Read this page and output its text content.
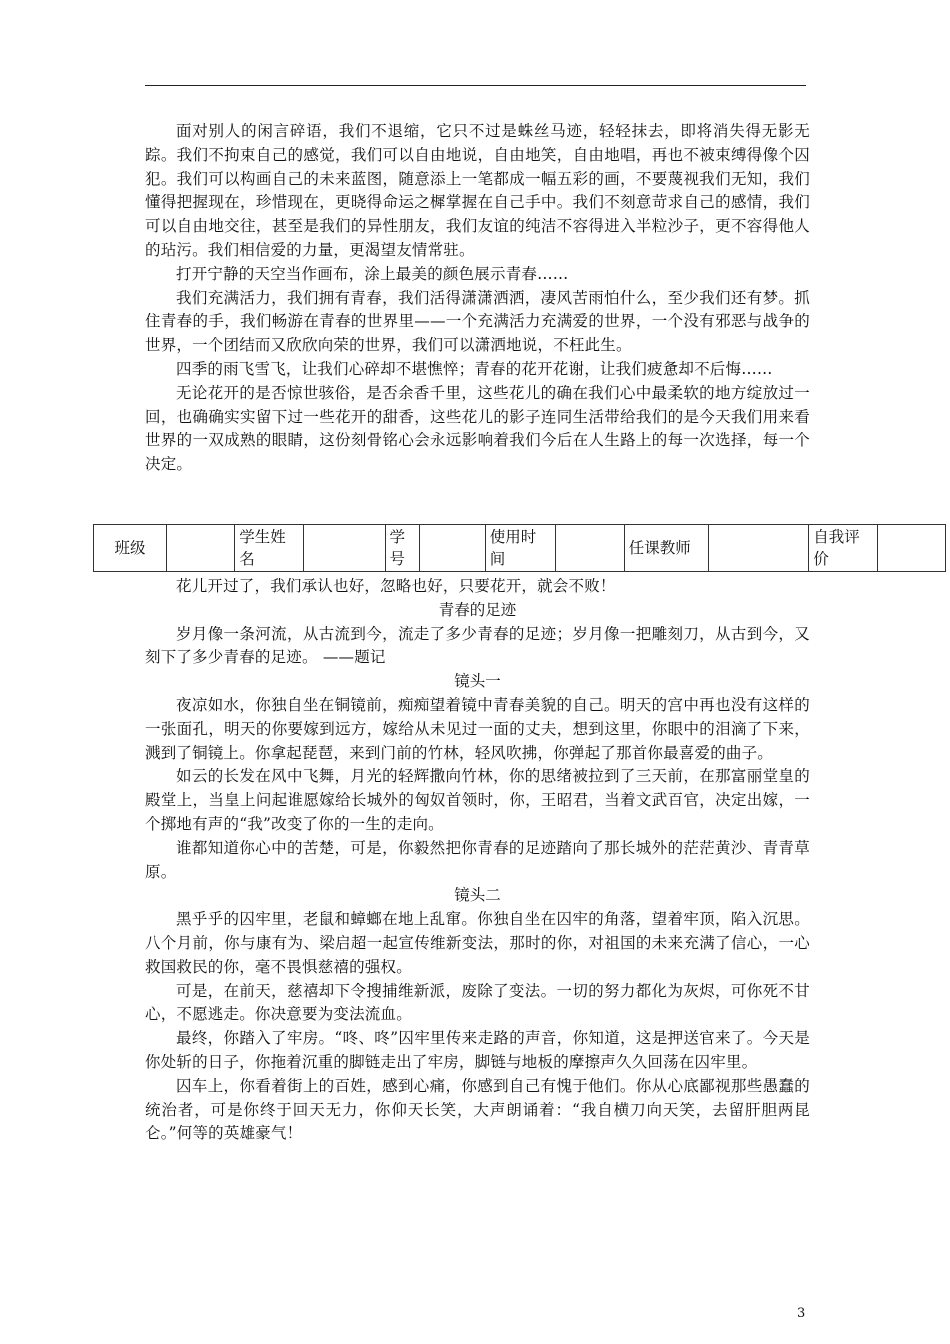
面对别人的闲言碎语，我们不退缩，它只不过是蛛丝马迹，轻轻抹去，即将消失得无影无踪。我们不拘束自己的感觉，我们可以自由地说，自由地笑，自由地唱，再也不被束缚得像个囚犯。我们可以构画自己的未来蓝图，随意添上一笔都成一幅五彩的画，不要蔑视我们无知，我们懂得把握现在，珍惜现在，更晓得命运之樨掌握在自己手中。我们不刻意苛求自己的感情，我们可以自由地交往，甚至是我们的异性朋友，我们友谊的纯洁不容得进入半粒沙子，更不容得他人的玷污。我们相信爱的力量，更渴望友情常驻。

打开宁静的天空当作画布，涂上最美的颜色展示青春……

我们充满活力，我们拥有青春，我们活得潇潇洒洒，凄风苦雨怕什么，至少我们还有梦。抓住青春的手，我们畅游在青春的世界里——一个充满活力充满爱的世界，一个没有邪恶与战争的世界，一个团结而又欣欣向荣的世界，我们可以潇洒地说，不枉此生。

四季的雨飞雪飞，让我们心碎却不堪憔悴；青春的花开花谢，让我们疲惫却不后悔……

无论花开的是否惊世骇俗，是否余香千里，这些花儿的确在我们心中最柔软的地方绽放过一回，也确确实实留下过一些花开的甜香，这些花儿的影子连同生活带给我们的是今天我们用来看世界的一双成熟的眼睛，这份刻骨铭心会永远影响着我们今后在人生路上的每一次选择，每一个决定。

班级		学生姓名		学号		使用时间		任课教师		自我评价	

花儿开过了，我们承认也好，忽略也好，只要花开，就会不败！

青春的足迹

岁月像一条河流，从古流到今，流走了多少青春的足迹；岁月像一把雕刻刀，从古到今，又刻下了多少青春的足迹。 ——题记

镜头一

夜凉如水，你独自坐在铜镜前，痴痴望着镜中青春美貌的自己。明天的宫中再也没有这样的一张面孔，明天的你要嫁到远方，嫁给从未见过一面的丈夫，想到这里，你眼中的泪滴了下来，溅到了铜镜上。你拿起琵琶，来到门前的竹林，轻风吹拂，你弹起了那首你最喜爱的曲子。

如云的长发在风中飞舞，月光的轻辉撒向竹林，你的思绪被拉到了三天前，在那富丽堂皇的殿堂上，当皇上问起谁愿嫁给长城外的匈奴首领时，你，王昭君，当着文武百官，决定出嫁，一个掷地有声的“我”改变了你的一生的走向。

谁都知道你心中的苦楚，可是，你毅然把你青春的足迹踏向了那长城外的茫茫黄沙、青青草原。

镜头二

黑乎乎的囚牢里，老鼠和蟑螂在地上乱窜。你独自坐在囚牢的角落，望着牢顶，陷入沉思。八个月前，你与康有为、梁启超一起宣传维新变法，那时的你，对祖国的未来充满了信心，一心救国救民的你，毫不畏惧慈禧的强权。

可是，在前天，慈禧却下令搜捕维新派，废除了变法。一切的努力都化为灰烬，可你死不甘心，不愿逃走。你决意要为变法流血。

最终，你踏入了牢房。“咚、咚”囚牢里传来走路的声音，你知道，这是押送官来了。今天是你处斩的日子，你拖着沉重的脚链走出了牢房，脚链与地板的摩擦声久久回荡在囚牢里。

囚车上，你看着街上的百姓，感到心痛，你感到自己有愧于他们。你从心底鄙视那些愚蠢的统治者，可是你终于回天无力，你仰天长笑，大声朗诵着：“我自横刀向天笑，去留肝胆两昆仑。”何等的英雄豪气！

3
